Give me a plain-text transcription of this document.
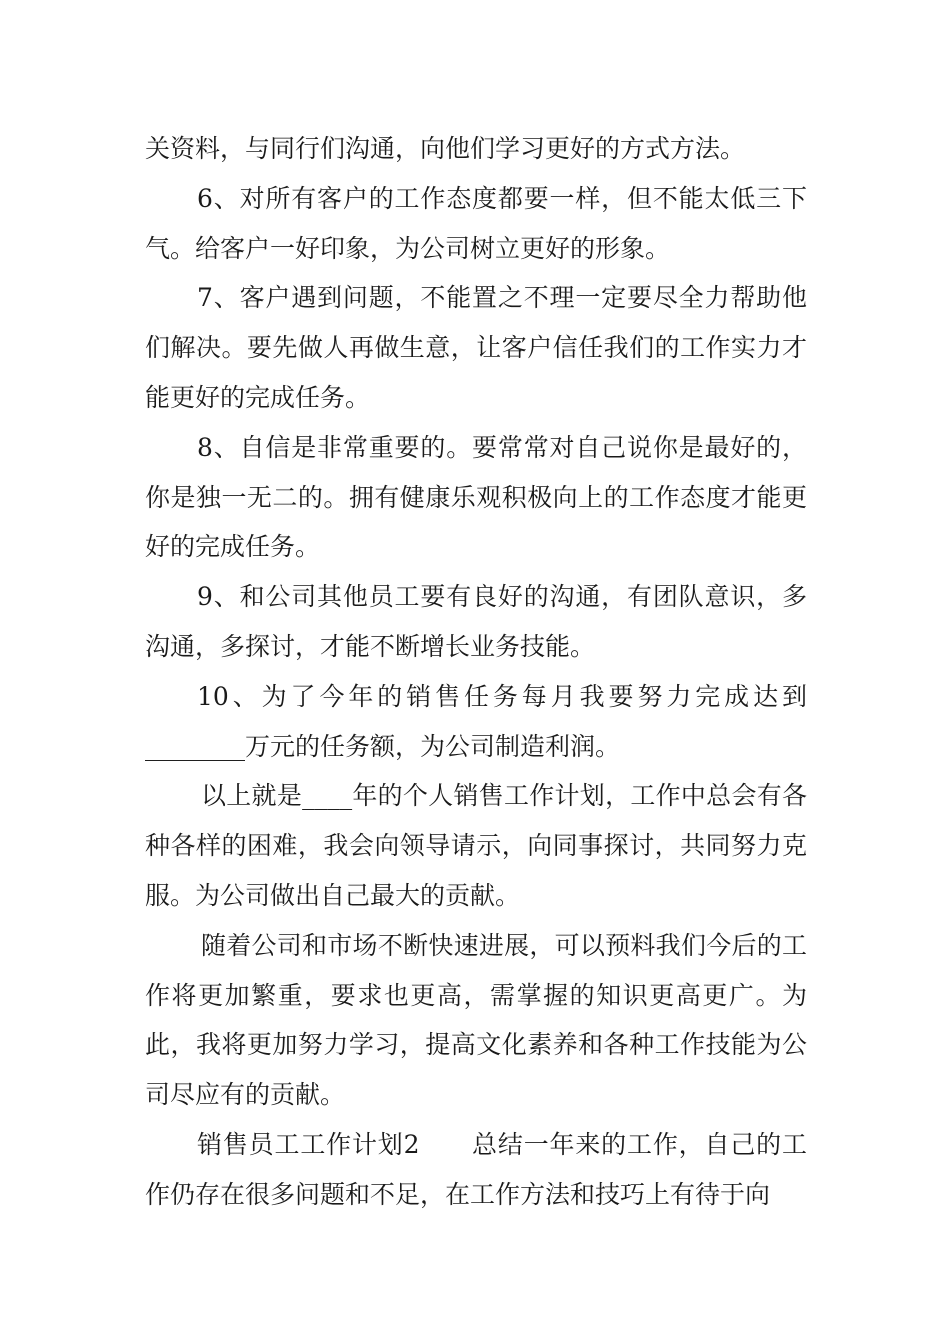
关资料，与同行们沟通，向他们学习更好的方式方法。

6、对所有客户的工作态度都要一样，但不能太低三下气。给客户一好印象，为公司树立更好的形象。

7、客户遇到问题，不能置之不理一定要尽全力帮助他们解决。要先做人再做生意，让客户信任我们的工作实力才能更好的完成任务。

8、自信是非常重要的。要常常对自己说你是最好的，你是独一无二的。拥有健康乐观积极向上的工作态度才能更好的完成任务。

9、和公司其他员工要有良好的沟通，有团队意识，多沟通，多探讨，才能不断增长业务技能。

10、为了今年的销售任务每月我要努力完成达到________万元的任务额，为公司制造利润。

以上就是____年的个人销售工作计划，工作中总会有各种各样的困难，我会向领导请示，向同事探讨，共同努力克服。为公司做出自己最大的贡献。

随着公司和市场不断快速进展，可以预料我们今后的工作将更加繁重，要求也更高，需掌握的知识更高更广。为此，我将更加努力学习，提高文化素养和各种工作技能为公司尽应有的贡献。

销售员工工作计划2　　总结一年来的工作，自己的工作仍存在很多问题和不足，在工作方法和技巧上有待于向
